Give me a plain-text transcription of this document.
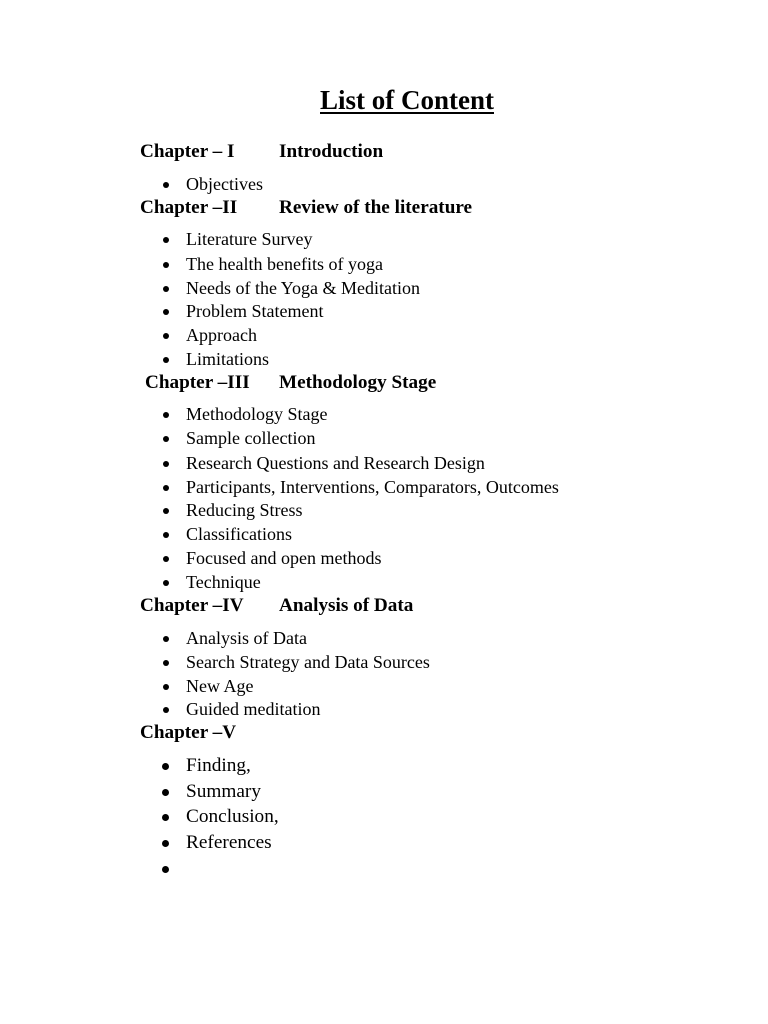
List of Content
Chapter – I Introduction
Objectives
Chapter –II Review of the literature
Literature Survey
The health benefits of yoga
Needs of the Yoga & Meditation
Problem Statement
Approach
Limitations
Chapter –III Methodology Stage
Methodology Stage
Sample collection
Research Questions and Research Design
Participants, Interventions, Comparators, Outcomes
Reducing Stress
Classifications
Focused and open methods
Technique
Chapter –IV Analysis of Data
Analysis of Data
Search Strategy and Data Sources
New Age
Guided meditation
Chapter –V
Finding,
Summary
Conclusion,
References
